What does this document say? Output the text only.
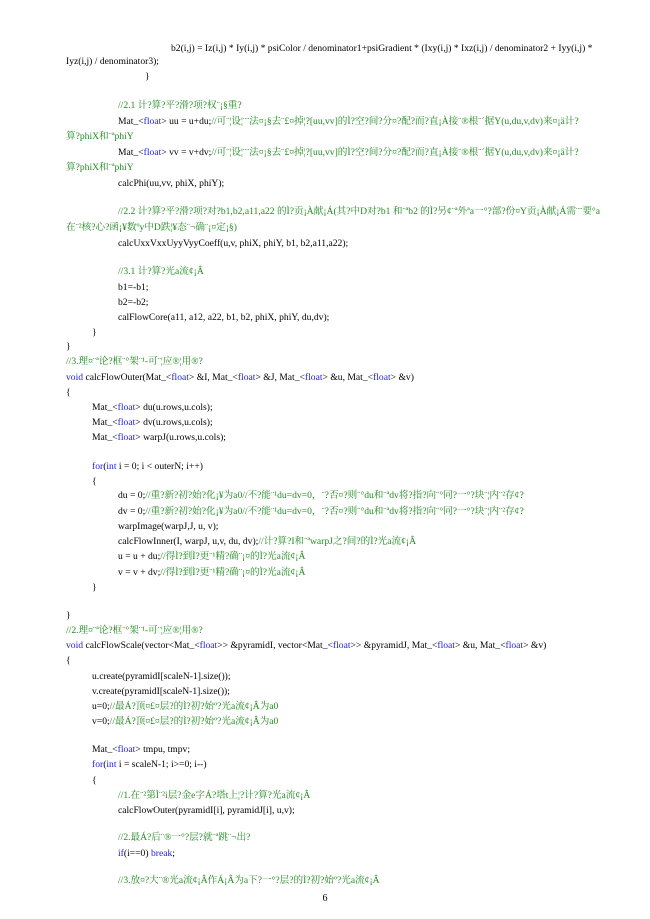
b2(i,j) = Iz(i,j) * Iy(i,j) * psiColor / denominator1+psiGradient * (Ixy(i,j) * Ixz(i,j) / denominator2 + Iyy(i,j) *
Iyz(i,j) / denominator3);
}
//2.1 计?算?平?滑?项?权¨¡§重?
Mat_<float> uu = u+du;//可¨¦设¦¨¨法¤¡§去¨£¤掉¦?[uu,vv]的Ì?空?间?分¤?配?而?直¡À接¨®根¨´据Y(u,du,v,dv)来¤¡ä计?
算?phiX和¨ªphiY
Mat_<float> vv = v+dv;//可¨¦设¦¨¨法¤¡§去¨£¤掉¦?[uu,vv]的Ì?空?间?分¤?配?而?直¡À接¨®根¨´据Y(u,du,v,dv)来¤¡ä计?
算?phiX和¨ªphiY
calcPhi(uu,vv, phiX, phiY);
//2.2 计?算?平?滑?项?对?b1,b2,a11,a22 的Ì?贡¡À献¡Á(其?中D对?b1 和¨ªb2 的Ì?另¢¨ª外ªa一°?部?份¤Y贡¡À献¡Á需¨¨要°a
在¨²核?心?函¡¥数ºy中D跌¦¥态¨¬确¨¡¤定¡§)
calcUxxVxxUyyVyyCoeff(u,v, phiX, phiY, b1, b2,a11,a22);
//3.1 计?算?光a流¢¡Â
b1=-b1;
b2=-b2;
calFlowCore(a11, a12, a22, b1, b2, phiX, phiY, du,dv);
}
}
//3.理¤¨ª论?框¨°架¨¹-可¨¦应®¦用®?
void calcFlowOuter(Mat_<float> &I, Mat_<float> &J, Mat_<float> &u, Mat_<float> &v)
{
Mat_<float> du(u.rows,u.cols);
Mat_<float> dv(u.rows,u.cols);
Mat_<float> warpJ(u.rows,u.cols);
for(int i = 0; i < outerN; i++)
{
du = 0;//重?新?初?始?化¡¥为a0//不?能¨¹du=dv=0，¨?否¤?则¨°du和¨ªdv将?指?向¨°同?一°?块¨¦内¨²存¢?
dv = 0;//重?新?初?始?化¡¥为a0//不?能¨¹du=dv=0，¨?否¤?则¨°du和¨ªdv将?指?向¨°同?一°?块¨¦内¨²存¢?
warpImage(warpJ,J, u, v);
calcFlowInner(I, warpJ, u,v, du, dv);//计?算?I和¨ªwarpJ之?间?的Ì?光a流¢¡Â
u = u + du;//得Ì?到Ì?更¨¹精?确¨¡¤的Ì?光a流¢¡Â
v = v + dv;//得Ì?到Ì?更¨¹精?确¨¡¤的Ì?光a流¢¡Â
}
}
//2.理¤¨ª论?框¨°架¨¹-可¨¦应®¦用®?
void calcFlowScale(vector<Mat_<float>> &pyramidI, vector<Mat_<float>> &pyramidJ, Mat_<float> &u, Mat_<float> &v)
{
u.create(pyramidI[scaleN-1].size());
v.create(pyramidI[scaleN-1].size());
u=0;//最Á?顶¤£¤层?的Ì?初?始º?光a流¢¡Â为a0
v=0;//最Á?顶¤£¤层?的Ì?初?始º?光a流¢¡Â为a0
Mat_<float> tmpu, tmpv;
for(int i = scaleN-1; i>=0; i--)
{
//1.在¨²第Ì¨²i层?金e字Á?塔t上¦?计?算?光a流¢¡Â
calcFlowOuter(pyramidI[i], pyramidJ[i], u,v);
//2.最Á?后¨®一°?层?就¨ª跳¨¬出?
if(i==0) break;
//3.放¤?大¨®光a流¢¡Â作Á¡Â为a下?一°?层?的Ì?初?始º?光a流¢¡Â
6
